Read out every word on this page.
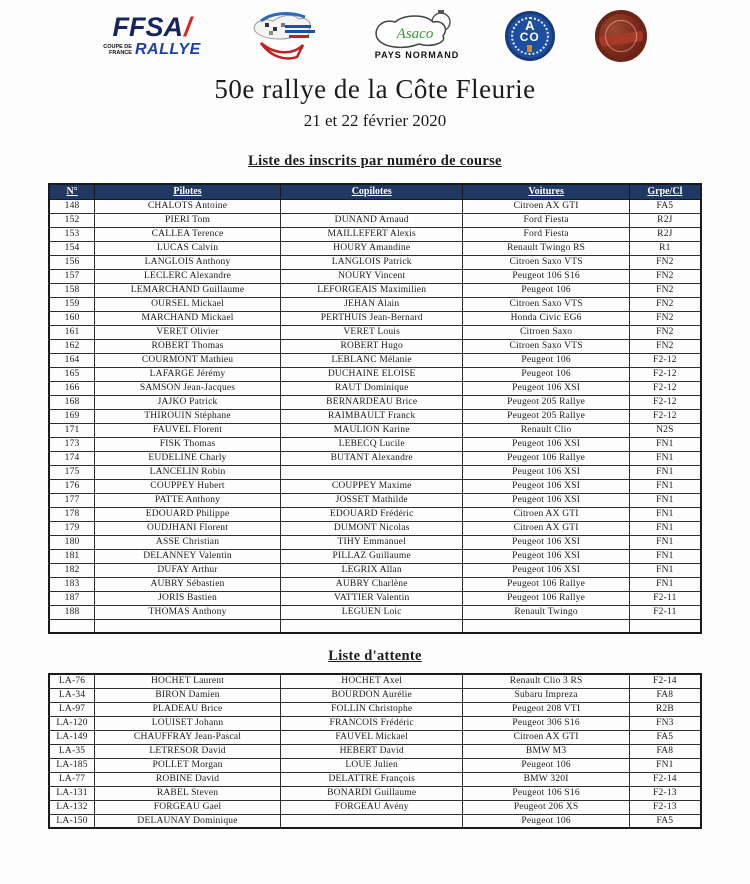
FFSA/
COUPE DE
FRANCE RALLYE
Asaco
PAYS NORMAND
A
CO
50e rallye de la Côte Fleurie
21 et 22 février 2020
Liste des inscrits par numéro de course
N°	Pilotes	Copilotes	Voitures	Grpe/Cl
148	CHALOTS Antoine		Citroen AX GTI	FA5
152	PIERI Tom	DUNAND Arnaud	Ford Fiesta	R2J
153	CALLEA Terence	MAILLEFERT Alexis	Ford Fiesta	R2J
154	LUCAS Calvin	HOURY Amandine	Renault Twingo RS	R1
156	LANGLOIS Anthony	LANGLOIS Patrick	Citroen Saxo VTS	FN2
157	LECLERC Alexandre	NOURY Vincent	Peugeot 106 S16	FN2
158	LEMARCHAND Guillaume	LEFORGEAIS Maximilien	Peugeot 106	FN2
159	OURSEL Mickael	JEHAN Alain	Citroen Saxo VTS	FN2
160	MARCHAND Mickael	PERTHUIS Jean-Bernard	Honda Civic EG6	FN2
161	VERET Olivier	VERET Louis	Citroen Saxo	FN2
162	ROBERT Thomas	ROBERT Hugo	Citroen Saxo VTS	FN2
164	COURMONT Mathieu	LEBLANC Mélanie	Peugeot 106	F2-12
165	LAFARGE Jérémy	DUCHAINE ELOISE	Peugeot 106	F2-12
166	SAMSON Jean-Jacques	RAUT Dominique	Peugeot 106 XSI	F2-12
168	JAJKO Patrick	BERNARDEAU Brice	Peugeot 205 Rallye	F2-12
169	THIROUIN Stéphane	RAIMBAULT Franck	Peugeot 205 Rallye	F2-12
171	FAUVEL Florent	MAULION Karine	Renault Clio	N2S
173	FISK Thomas	LEBECQ Lucile	Peugeot 106 XSI	FN1
174	EUDELINE Charly	BUTANT Alexandre	Peugeot 106 Rallye	FN1
175	LANCELIN Robin		Peugeot 106 XSI	FN1
176	COUPPEY Hubert	COUPPEY Maxime	Peugeot 106 XSI	FN1
177	PATTE Anthony	JOSSET Mathilde	Peugeot 106 XSI	FN1
178	EDOUARD Philippe	EDOUARD Frédéric	Citroen AX GTI	FN1
179	OUDJHANI Florent	DUMONT Nicolas	Citroen AX GTI	FN1
180	ASSE Christian	TIHY Emmanuel	Peugeot 106 XSI	FN1
181	DELANNEY Valentin	PILLAZ Guillaume	Peugeot 106 XSI	FN1
182	DUFAY Arthur	LEGRIX Allan	Peugeot 106 XSI	FN1
183	AUBRY Sébastien	AUBRY Charlène	Peugeot 106 Rallye	FN1
187	JORIS Bastien	VATTIER Valentin	Peugeot 106 Rallye	F2-11
188	THOMAS Anthony	LEGUEN Loic	Renault Twingo	F2-11

Liste d'attente
LA-76	HOCHET Laurent	HOCHET Axel	Renault Clio 3 RS	F2-14
LA-34	BIRON Damien	BOURDON Aurélie	Subaru Impreza	FA8
LA-97	PLADEAU Brice	FOLLIN Christophe	Peugeot 208 VTI	R2B
LA-120	LOUISET Johann	FRANCOIS Frédéric	Peugeot 306 S16	FN3
LA-149	CHAUFFRAY Jean-Pascal	FAUVEL Mickael	Citroen AX GTI	FA5
LA-35	LETRESOR David	HEBERT David	BMW M3	FA8
LA-185	POLLET Morgan	LOUE Julien	Peugeot 106	FN1
LA-77	ROBINE David	DELATTRE François	BMW 320I	F2-14
LA-131	RABEL Steven	BONARDI Guillaume	Peugeot 106 S16	F2-13
LA-132	FORGEAU Gael	FORGEAU Avény	Peugeot 206 XS	F2-13
LA-150	DELAUNAY Dominique		Peugeot 106	FA5
